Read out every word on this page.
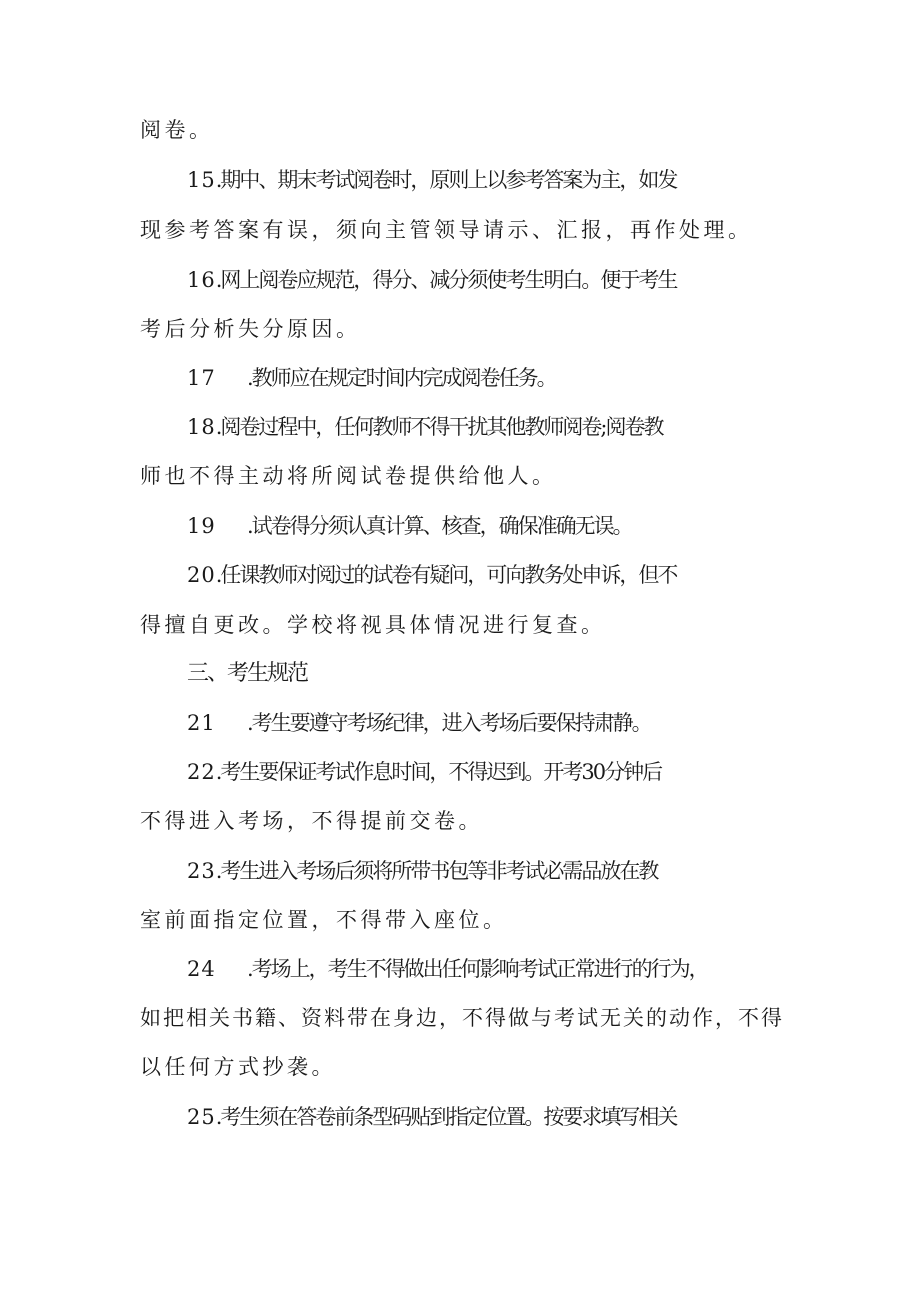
阅卷。
15.期中、期末考试阅卷时，原则上以参考答案为主，如发
现参考答案有误，须向主管领导请示、汇报，再作处理。
16.网上阅卷应规范，得分、减分须使考生明白。便于考生
考后分析失分原因。
17 .教师应在规定时间内完成阅卷任务。
18.阅卷过程中，任何教师不得干扰其他教师阅卷;阅卷教
师也不得主动将所阅试卷提供给他人。
19 .试卷得分须认真计算、核查，确保准确无误。
20.任课教师对阅过的试卷有疑问，可向教务处申诉，但不
得擅自更改。学校将视具体情况进行复查。
三、考生规范
21 .考生要遵守考场纪律，进入考场后要保持肃静。
22.考生要保证考试作息时间，不得迟到。开考30分钟后
不得进入考场，不得提前交卷。
23.考生进入考场后须将所带书包等非考试必需品放在教
室前面指定位置，不得带入座位。
24 .考场上，考生不得做出任何影响考试正常进行的行为，
如把相关书籍、资料带在身边，不得做与考试无关的动作，不得
以任何方式抄袭。
25.考生须在答卷前条型码贴到指定位置。按要求填写相关
